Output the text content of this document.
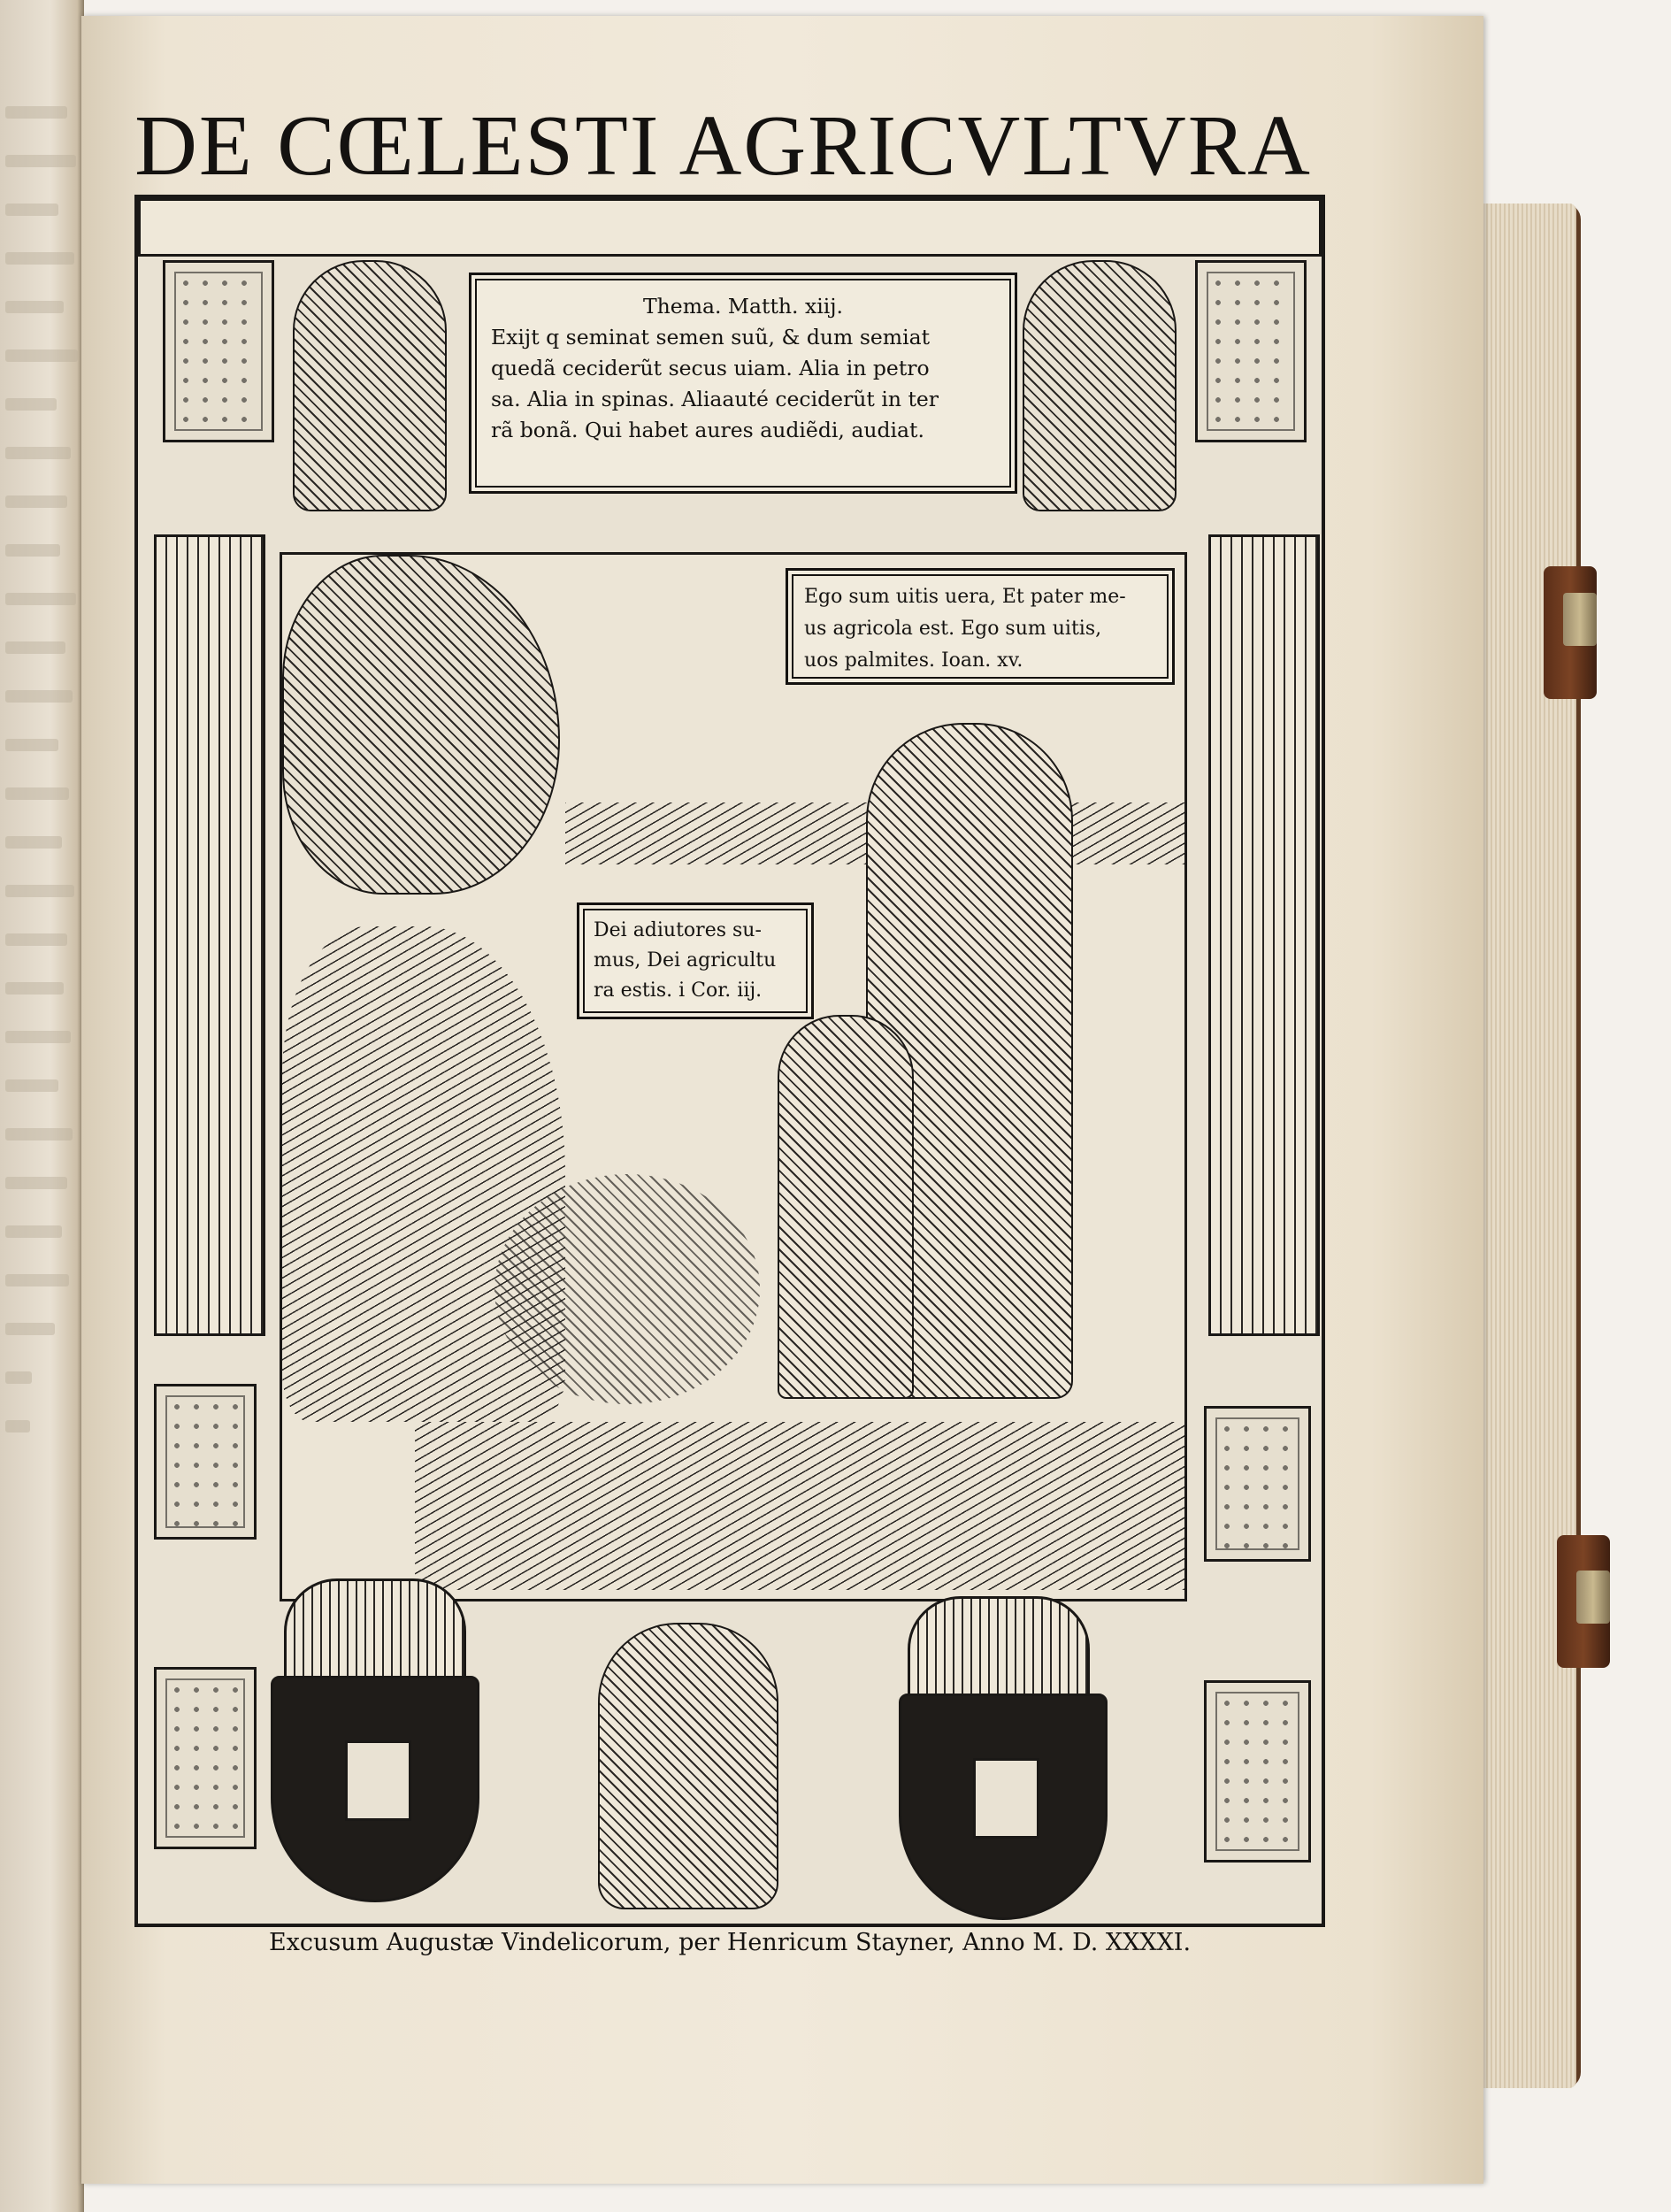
DE CŒLESTI AGRICVLTVRA
Thema. Matth. xiij.
Exijt q seminat semen suũ, & dum semiat
quedã ceciderũt secus uiam. Alia in petro
sa. Alia in spinas. Aliaauté ceciderũt in ter
rã bonã. Qui habet aures audiẽdi, audiat.
Ego sum uitis uera, Et pater me-
us agricola est. Ego sum uitis,
uos palmites. Ioan. xv.
Dei adiutores su-
mus, Dei agricultu
ra estis. i Cor. iij.
Excusum Augustæ Vindelicorum, per Henricum Stayner, Anno M. D. XXXXI.
